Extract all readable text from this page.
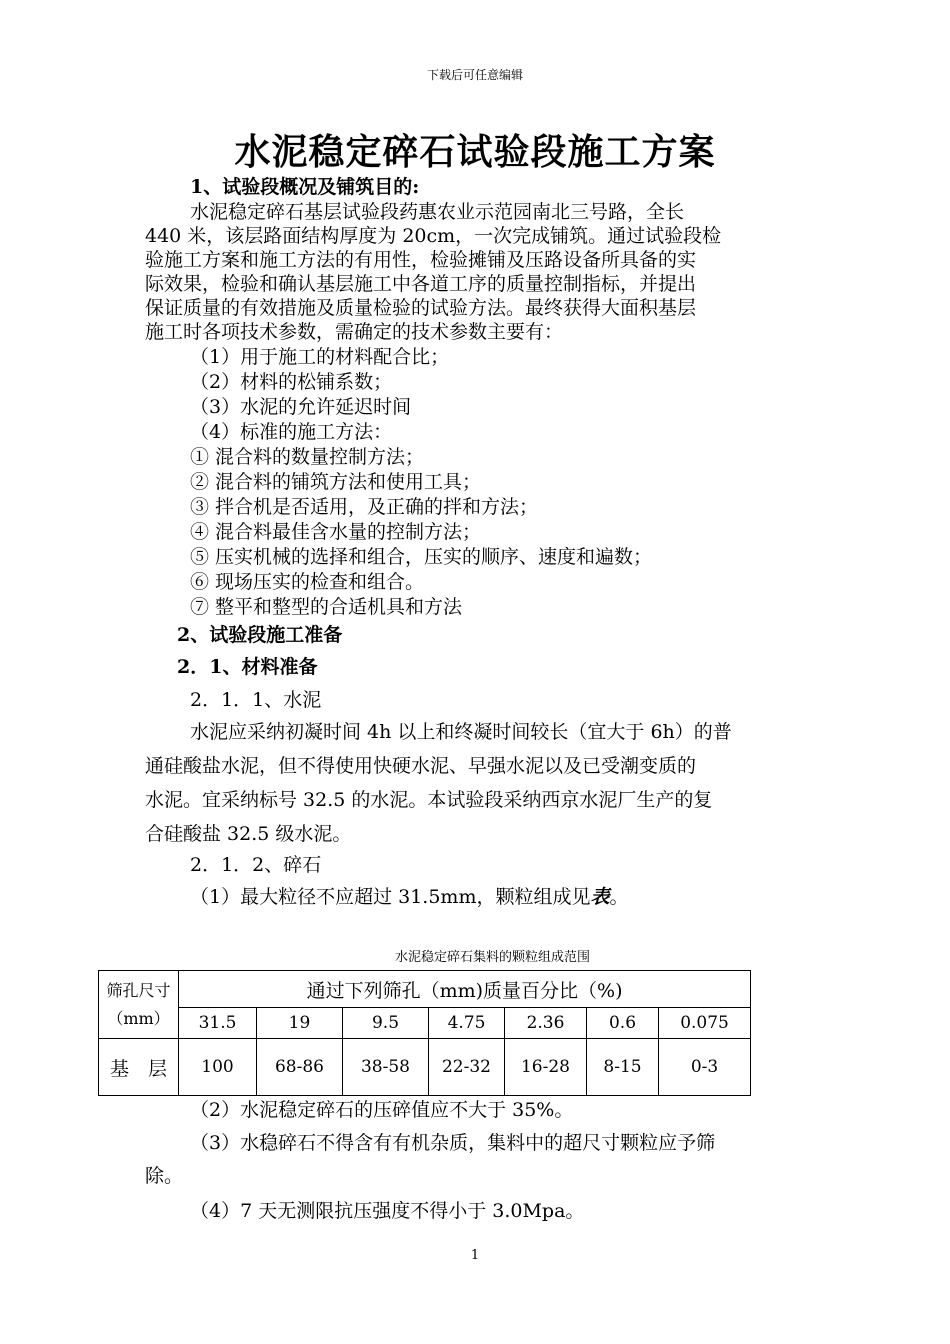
下载后可任意编辑
水泥稳定碎石试验段施工方案
1、试验段概况及铺筑目的:
水泥稳定碎石基层试验段药惠农业示范园南北三号路，全长
440 米，该层路面结构厚度为 20cm，一次完成铺筑。通过试验段检
验施工方案和施工方法的有用性，检验摊铺及压路设备所具备的实
际效果，检验和确认基层施工中各道工序的质量控制指标，并提出
保证质量的有效措施及质量检验的试验方法。最终获得大面积基层
施工时各项技术参数，需确定的技术参数主要有：
（1）用于施工的材料配合比；
（2）材料的松铺系数；
（3）水泥的允许延迟时间
（4）标准的施工方法：
① 混合料的数量控制方法；
② 混合料的铺筑方法和使用工具；
③ 拌合机是否适用，及正确的拌和方法；
④ 混合料最佳含水量的控制方法；
⑤ 压实机械的选择和组合，压实的顺序、速度和遍数；
⑥ 现场压实的检查和组合。
⑦ 整平和整型的合适机具和方法
2、试验段施工准备
2．1、材料准备
2．1．1、水泥
水泥应采纳初凝时间 4h 以上和终凝时间较长（宜大于 6h）的普
通硅酸盐水泥，但不得使用快硬水泥、早强水泥以及已受潮变质的
水泥。宜采纳标号 32.5 的水泥。本试验段采纳西京水泥厂生产的复
合硅酸盐 32.5 级水泥。
2．1．2、碎石
（1）最大粒径不应超过 31.5mm，颗粒组成见表。
水泥稳定碎石集料的颗粒组成范围
筛孔尺寸
（mm）	通过下列筛孔（mm)质量百分比（%)						
	31.5	19	9.5	4.75	2.36	0.6	0.075
基　层	100	68-86	38-58	22-32	16-28	8-15	0-3
（2）水泥稳定碎石的压碎值应不大于 35%。
（3）水稳碎石不得含有有机杂质，集料中的超尺寸颗粒应予筛
除。
（4）7 天无测限抗压强度不得小于 3.0Mpa。
1
